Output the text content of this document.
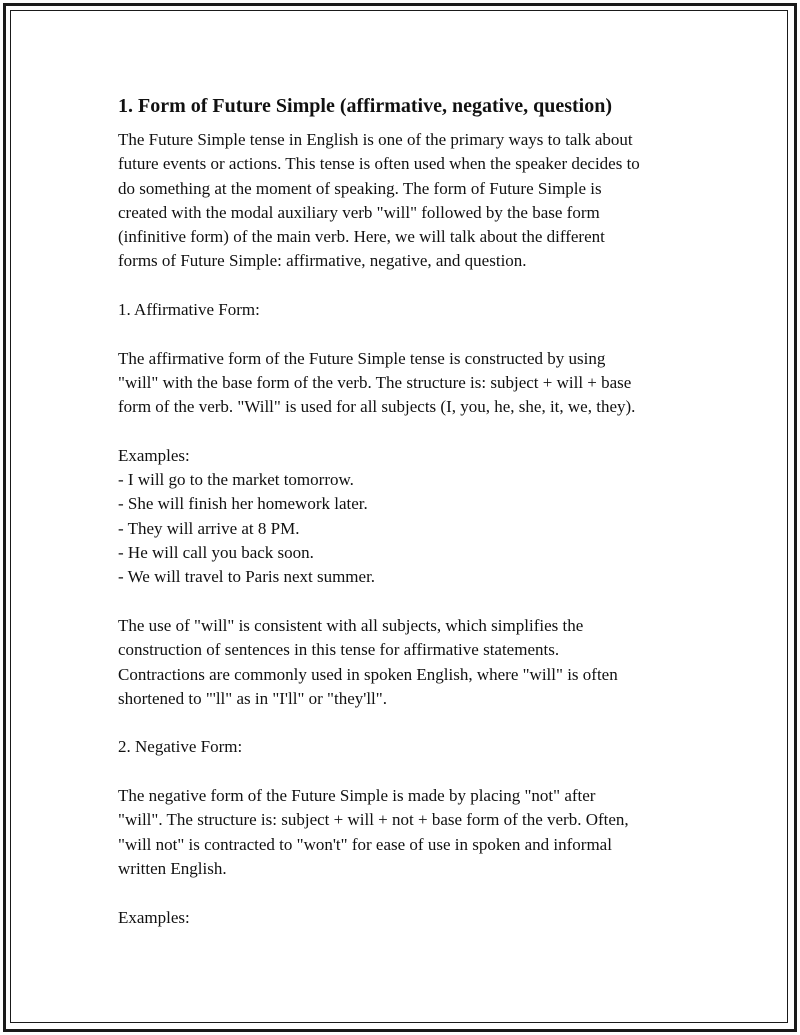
1. Form of Future Simple (affirmative, negative, question)

The Future Simple tense in English is one of the primary ways to talk about
future events or actions. This tense is often used when the speaker decides to
do something at the moment of speaking. The form of Future Simple is
created with the modal auxiliary verb "will" followed by the base form
(infinitive form) of the main verb. Here, we will talk about the different
forms of Future Simple: affirmative, negative, and question.

1. Affirmative Form:

The affirmative form of the Future Simple tense is constructed by using
"will" with the base form of the verb. The structure is: subject + will + base
form of the verb. "Will" is used for all subjects (I, you, he, she, it, we, they).

Examples:
- I will go to the market tomorrow.
- She will finish her homework later.
- They will arrive at 8 PM.
- He will call you back soon.
- We will travel to Paris next summer.

The use of "will" is consistent with all subjects, which simplifies the
construction of sentences in this tense for affirmative statements.
Contractions are commonly used in spoken English, where "will" is often
shortened to "'ll" as in "I'll" or "they'll".

2. Negative Form:

The negative form of the Future Simple is made by placing "not" after
"will". The structure is: subject + will + not + base form of the verb. Often,
"will not" is contracted to "won't" for ease of use in spoken and informal
written English.

Examples:
